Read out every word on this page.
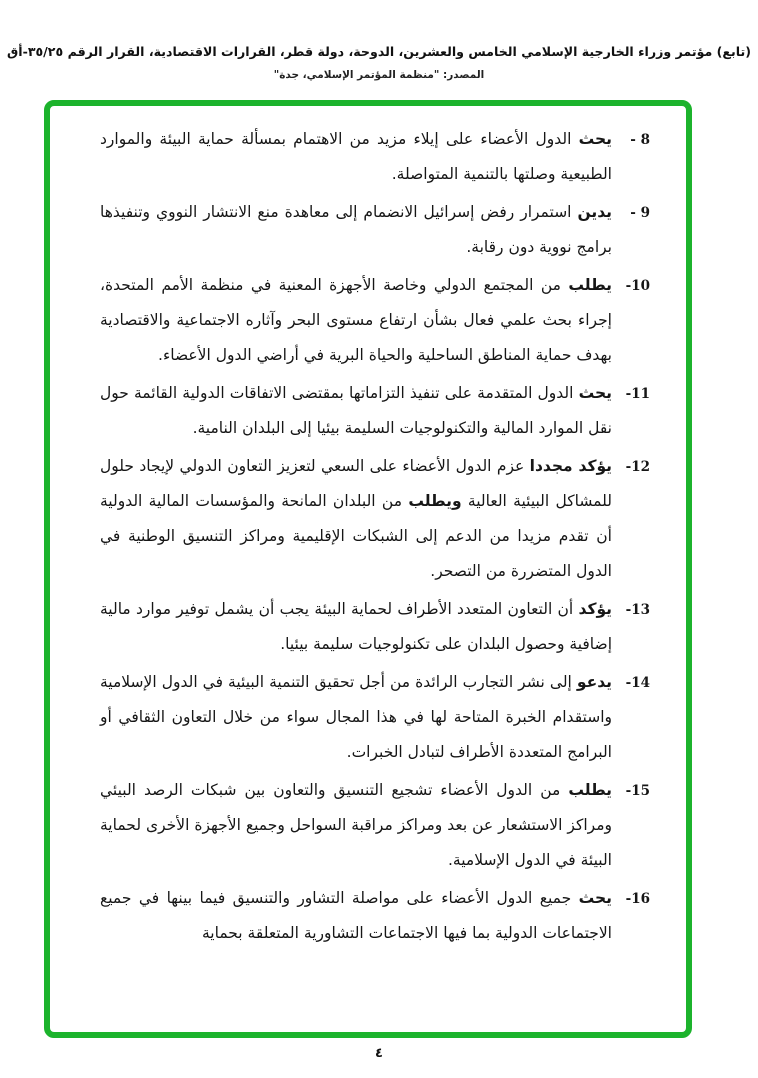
(تابع) مؤتمر وزراء الخارجية الإسلامي الخامس والعشرين، الدوحة، دولة قطر، القرارات الاقتصادية، القرار الرقم ٣٥/٢٥-أق
المصدر: "منظمة المؤتمر الإسلامي، جدة"
8 -
يحث الدول الأعضاء على إيلاء مزيد من الاهتمام بمسألة حماية البيئة والموارد الطبيعية وصلتها بالتنمية المتواصلة.
9 -
يدين استمرار رفض إسرائيل الانضمام إلى معاهدة منع الانتشار النووي وتنفيذها برامج نووية دون رقابة.
10-
يطلب من المجتمع الدولي وخاصة الأجهزة المعنية في منظمة الأمم المتحدة، إجراء بحث علمي فعال بشأن ارتفاع مستوى البحر وآثاره الاجتماعية والاقتصادية بهدف حماية المناطق الساحلية والحياة البرية في أراضي الدول الأعضاء.
11-
يحث الدول المتقدمة على تنفيذ التزاماتها بمقتضى الاتفاقات الدولية القائمة حول نقل الموارد المالية والتكنولوجيات السليمة بيئيا إلى البلدان النامية.
12-
يؤكد مجددا عزم الدول الأعضاء على السعي لتعزيز التعاون الدولي لإيجاد حلول للمشاكل البيئية العالية ويطلب من البلدان المانحة والمؤسسات المالية الدولية أن تقدم مزيدا من الدعم إلى الشبكات الإقليمية ومراكز التنسيق الوطنية في الدول المتضررة من التصحر.
13-
يؤكد أن التعاون المتعدد الأطراف لحماية البيئة يجب أن يشمل توفير موارد مالية إضافية وحصول البلدان على تكنولوجيات سليمة بيئيا.
14-
يدعو إلى نشر التجارب الرائدة من أجل تحقيق التنمية البيئية في الدول الإسلامية واستقدام الخبرة المتاحة لها في هذا المجال سواء من خلال التعاون الثقافي أو البرامج المتعددة الأطراف لتبادل الخبرات.
15-
يطلب من الدول الأعضاء تشجيع التنسيق والتعاون بين شبكات الرصد البيئي ومراكز الاستشعار عن بعد ومراكز مراقبة السواحل وجميع الأجهزة الأخرى لحماية البيئة في الدول الإسلامية.
16-
يحث جميع الدول الأعضاء على مواصلة التشاور والتنسيق فيما بينها في جميع الاجتماعات الدولية بما فيها الاجتماعات التشاورية المتعلقة بحماية
٤
